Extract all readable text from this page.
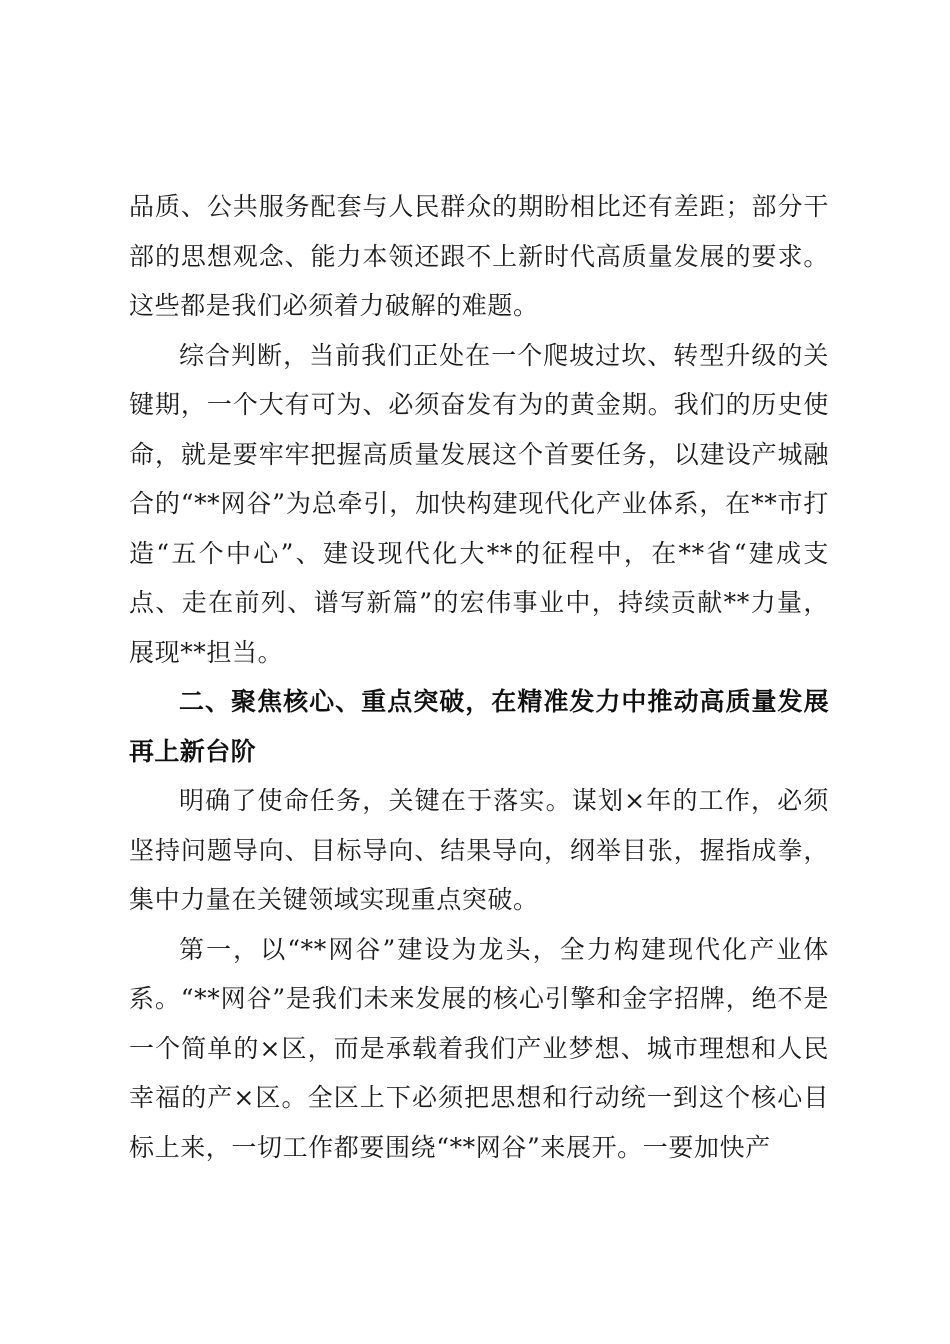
品质、公共服务配套与人民群众的期盼相比还有差距；部分干部的思想观念、能力本领还跟不上新时代高质量发展的要求。这些都是我们必须着力破解的难题。

综合判断，当前我们正处在一个爬坡过坎、转型升级的关键期，一个大有可为、必须奋发有为的黄金期。我们的历史使命，就是要牢牢把握高质量发展这个首要任务，以建设产城融合的“**网谷”为总牵引，加快构建现代化产业体系，在**市打造“五个中心”、建设现代化大**的征程中，在**省“建成支点、走在前列、谱写新篇”的宏伟事业中，持续贡献**力量，展现**担当。

二、聚焦核心、重点突破，在精准发力中推动高质量发展再上新台阶

明确了使命任务，关键在于落实。谋划×年的工作，必须坚持问题导向、目标导向、结果导向，纲举目张，握指成拳，集中力量在关键领域实现重点突破。

第一，以“**网谷”建设为龙头，全力构建现代化产业体系。“**网谷”是我们未来发展的核心引擎和金字招牌，绝不是一个简单的×区，而是承载着我们产业梦想、城市理想和人民幸福的产×区。全区上下必须把思想和行动统一到这个核心目标上来，一切工作都要围绕“**网谷”来展开。一要加快产
